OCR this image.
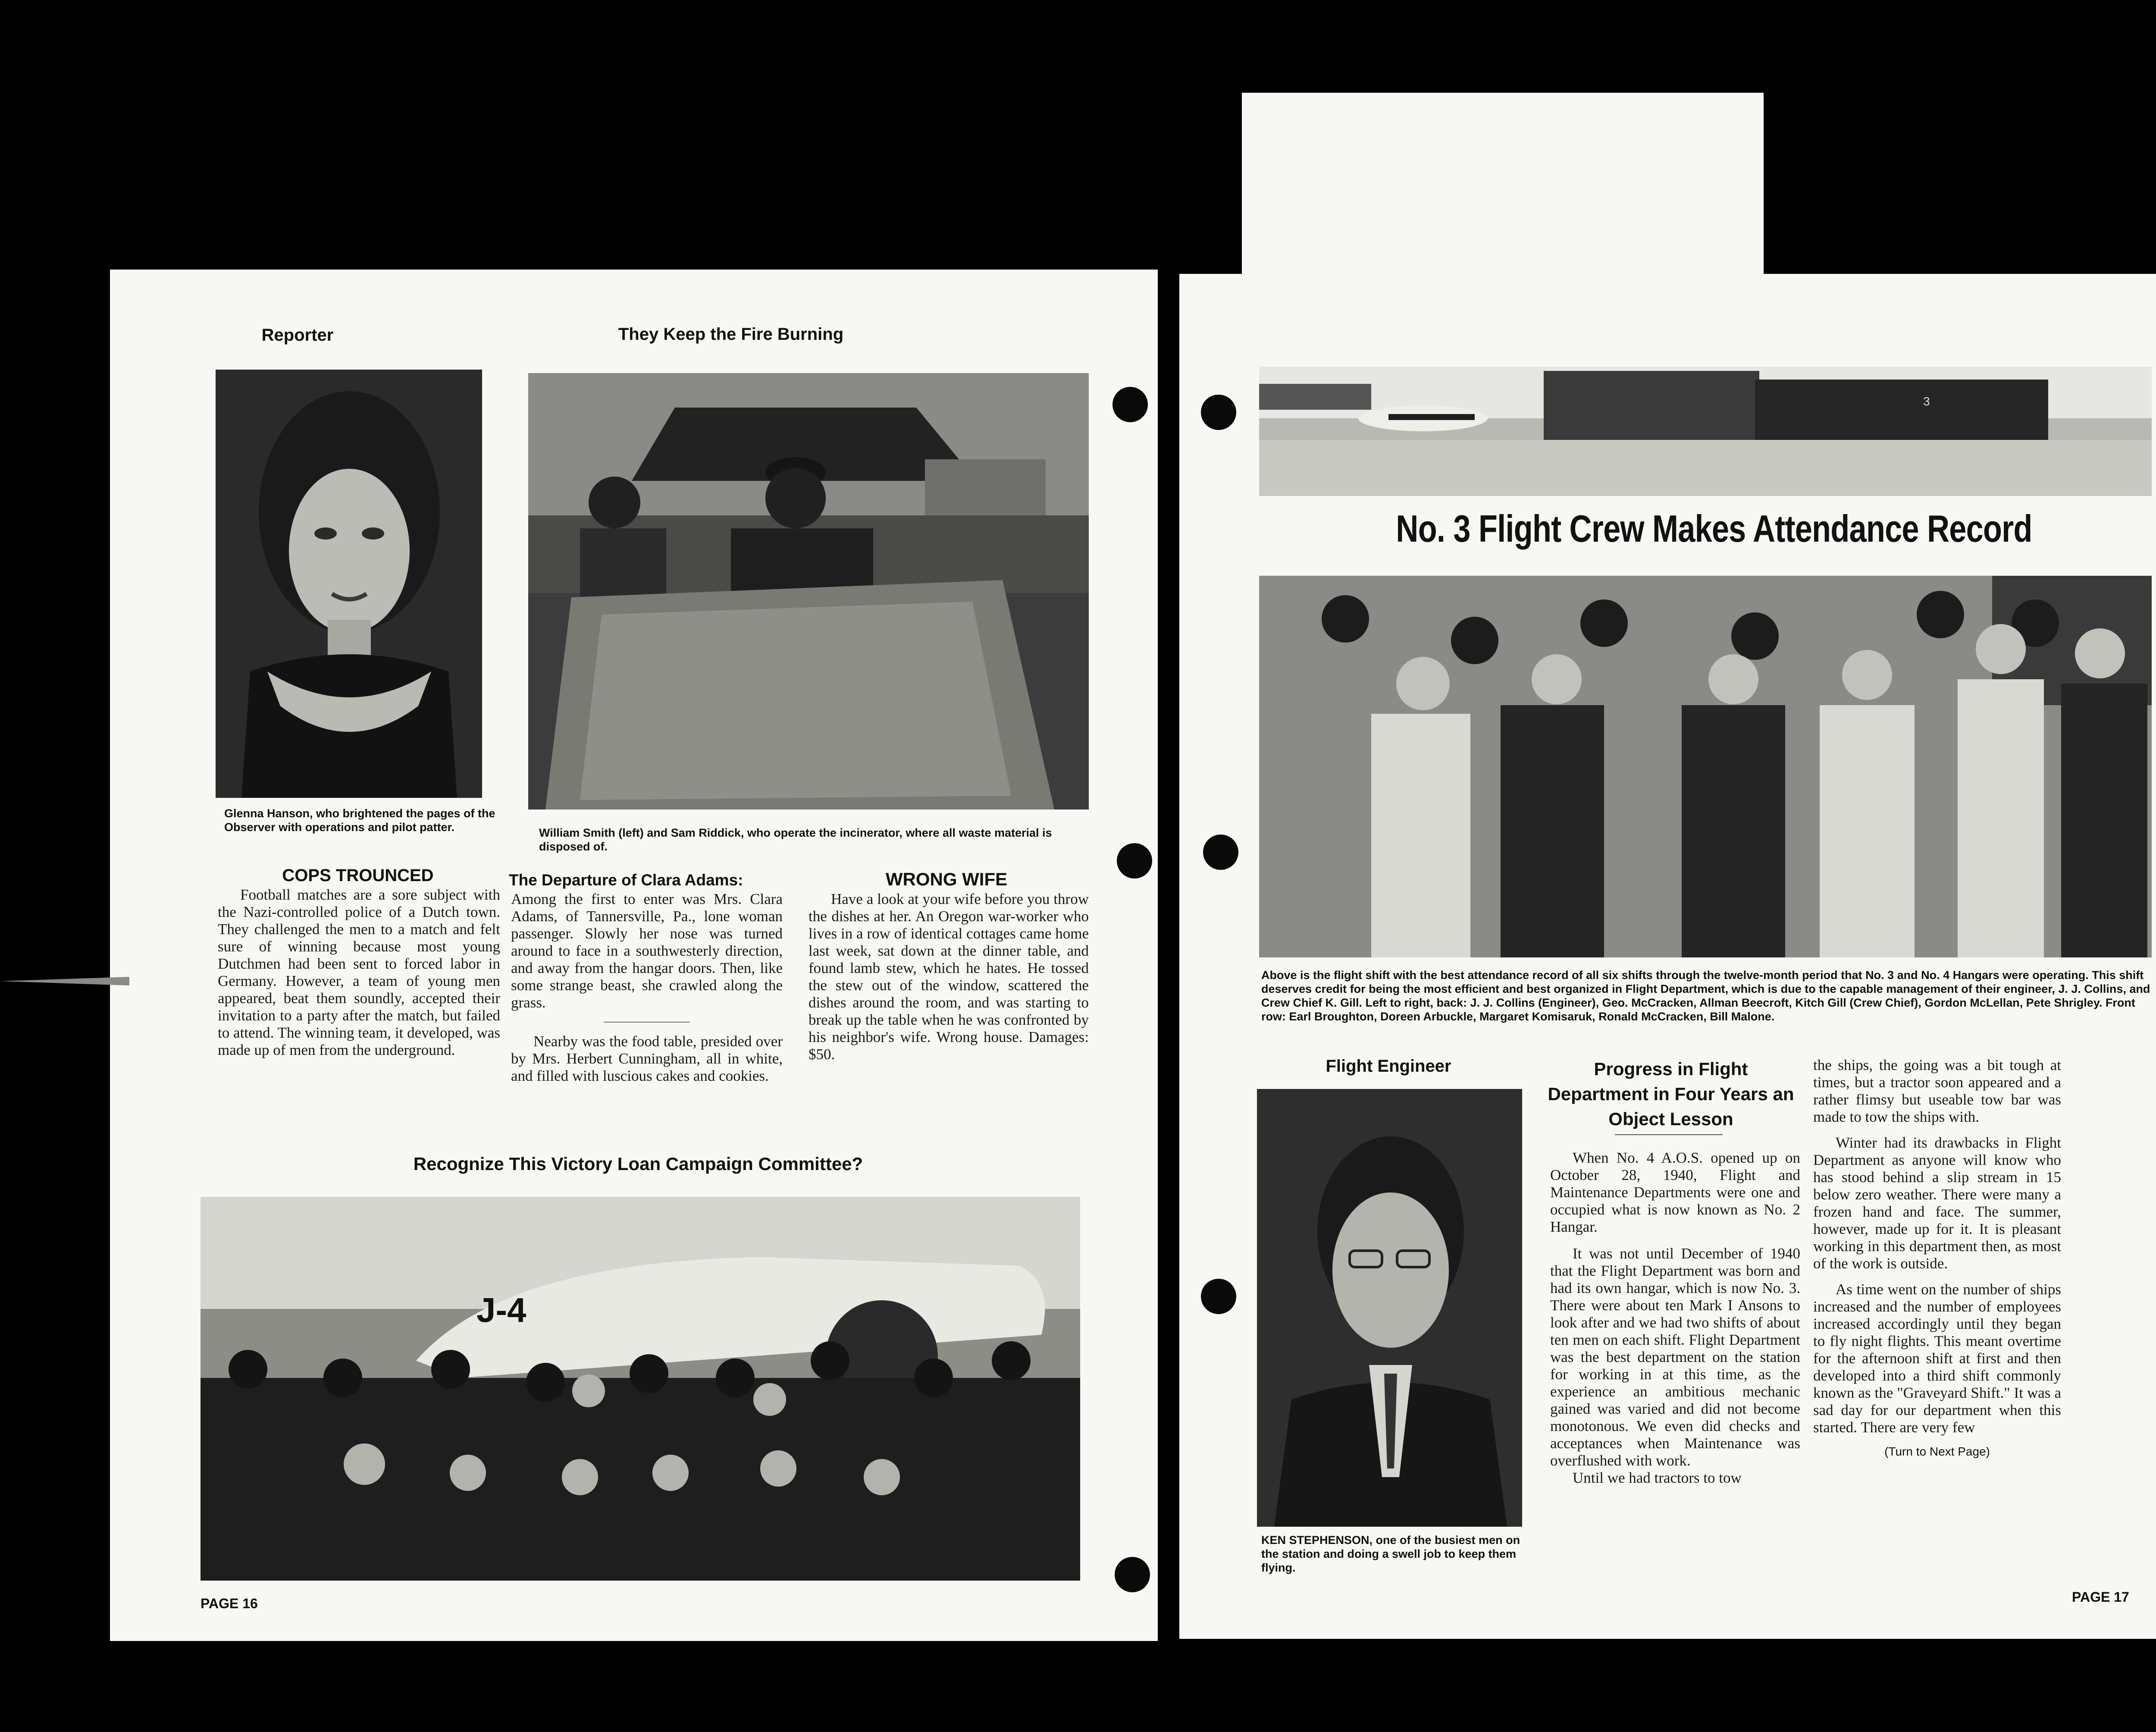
Reporter
Glenna Hanson, who brightened the pages of the Observer with operations and pilot patter.
They Keep the Fire Burning
William Smith (left) and Sam Riddick, who operate the incinerator, where all waste material is disposed of.
COPS TROUNCED

Football matches are a sore subject with the Nazi-controlled police of a Dutch town. They challenged the men to a match and felt sure of winning because most young Dutchmen had been sent to forced labor in Germany. However, a team of young men appeared, beat them soundly, accepted their invitation to a party after the match, but failed to attend. The winning team, it developed, was made up of men from the underground.

The Departure of Clara Adams:

Among the first to enter was Mrs. Clara Adams, of Tannersville, Pa., lone woman passenger. Slowly her nose was turned around to face in a southwesterly direction, and away from the hangar doors. Then, like some strange beast, she crawled along the grass.

Nearby was the food table, presided over by Mrs. Herbert Cunningham, all in white, and filled with luscious cakes and cookies.

WRONG WIFE

Have a look at your wife before you throw the dishes at her. An Oregon war-worker who lives in a row of identical cottages came home last week, sat down at the dinner table, and found lamb stew, which he hates. He tossed the stew out of the window, scattered the dishes around the room, and was starting to break up the table when he was confronted by his neighbor's wife. Wrong house. Damages: $50.

Recognize This Victory Loan Campaign Committee?
J-4
PAGE 16
3
No. 3 Flight Crew Makes Attendance Record
Above is the flight shift with the best attendance record of all six shifts through the twelve-month period that No. 3 and No. 4 Hangars were operating. This shift deserves credit for being the most efficient and best organized in Flight Department, which is due to the capable management of their engineer, J. J. Collins, and Crew Chief K. Gill. Left to right, back: J. J. Collins (Engineer), Geo. McCracken, Allman Beecroft, Kitch Gill (Crew Chief), Gordon McLellan, Pete Shrigley. Front row: Earl Broughton, Doreen Arbuckle, Margaret Komisaruk, Ronald McCracken, Bill Malone.
Flight Engineer
KEN STEPHENSON, one of the busiest men on the station and doing a swell job to keep them flying.
Progress in Flight Department in Four Years an Object Lesson

When No. 4 A.O.S. opened up on October 28, 1940, Flight and Maintenance Departments were one and occupied what is now known as No. 2 Hangar.

It was not until December of 1940 that the Flight Department was born and had its own hangar, which is now No. 3. There were about ten Mark I Ansons to look after and we had two shifts of about ten men on each shift. Flight Department was the best department on the station for working in at this time, as the experience an ambitious mechanic gained was varied and did not become monotonous. We even did checks and acceptances when Maintenance was overflushed with work.

Until we had tractors to tow

the ships, the going was a bit tough at times, but a tractor soon appeared and a rather flimsy but useable tow bar was made to tow the ships with.

Winter had its drawbacks in Flight Department as anyone will know who has stood behind a slip stream in 15 below zero weather. There were many a frozen hand and face. The summer, however, made up for it. It is pleasant working in this department then, as most of the work is outside.

As time went on the number of ships increased and the number of employees increased accordingly until they began to fly night flights. This meant overtime for the afternoon shift at first and then developed into a third shift commonly known as the "Graveyard Shift." It was a sad day for our department when this started. There are very few

(Turn to Next Page)
PAGE 17
